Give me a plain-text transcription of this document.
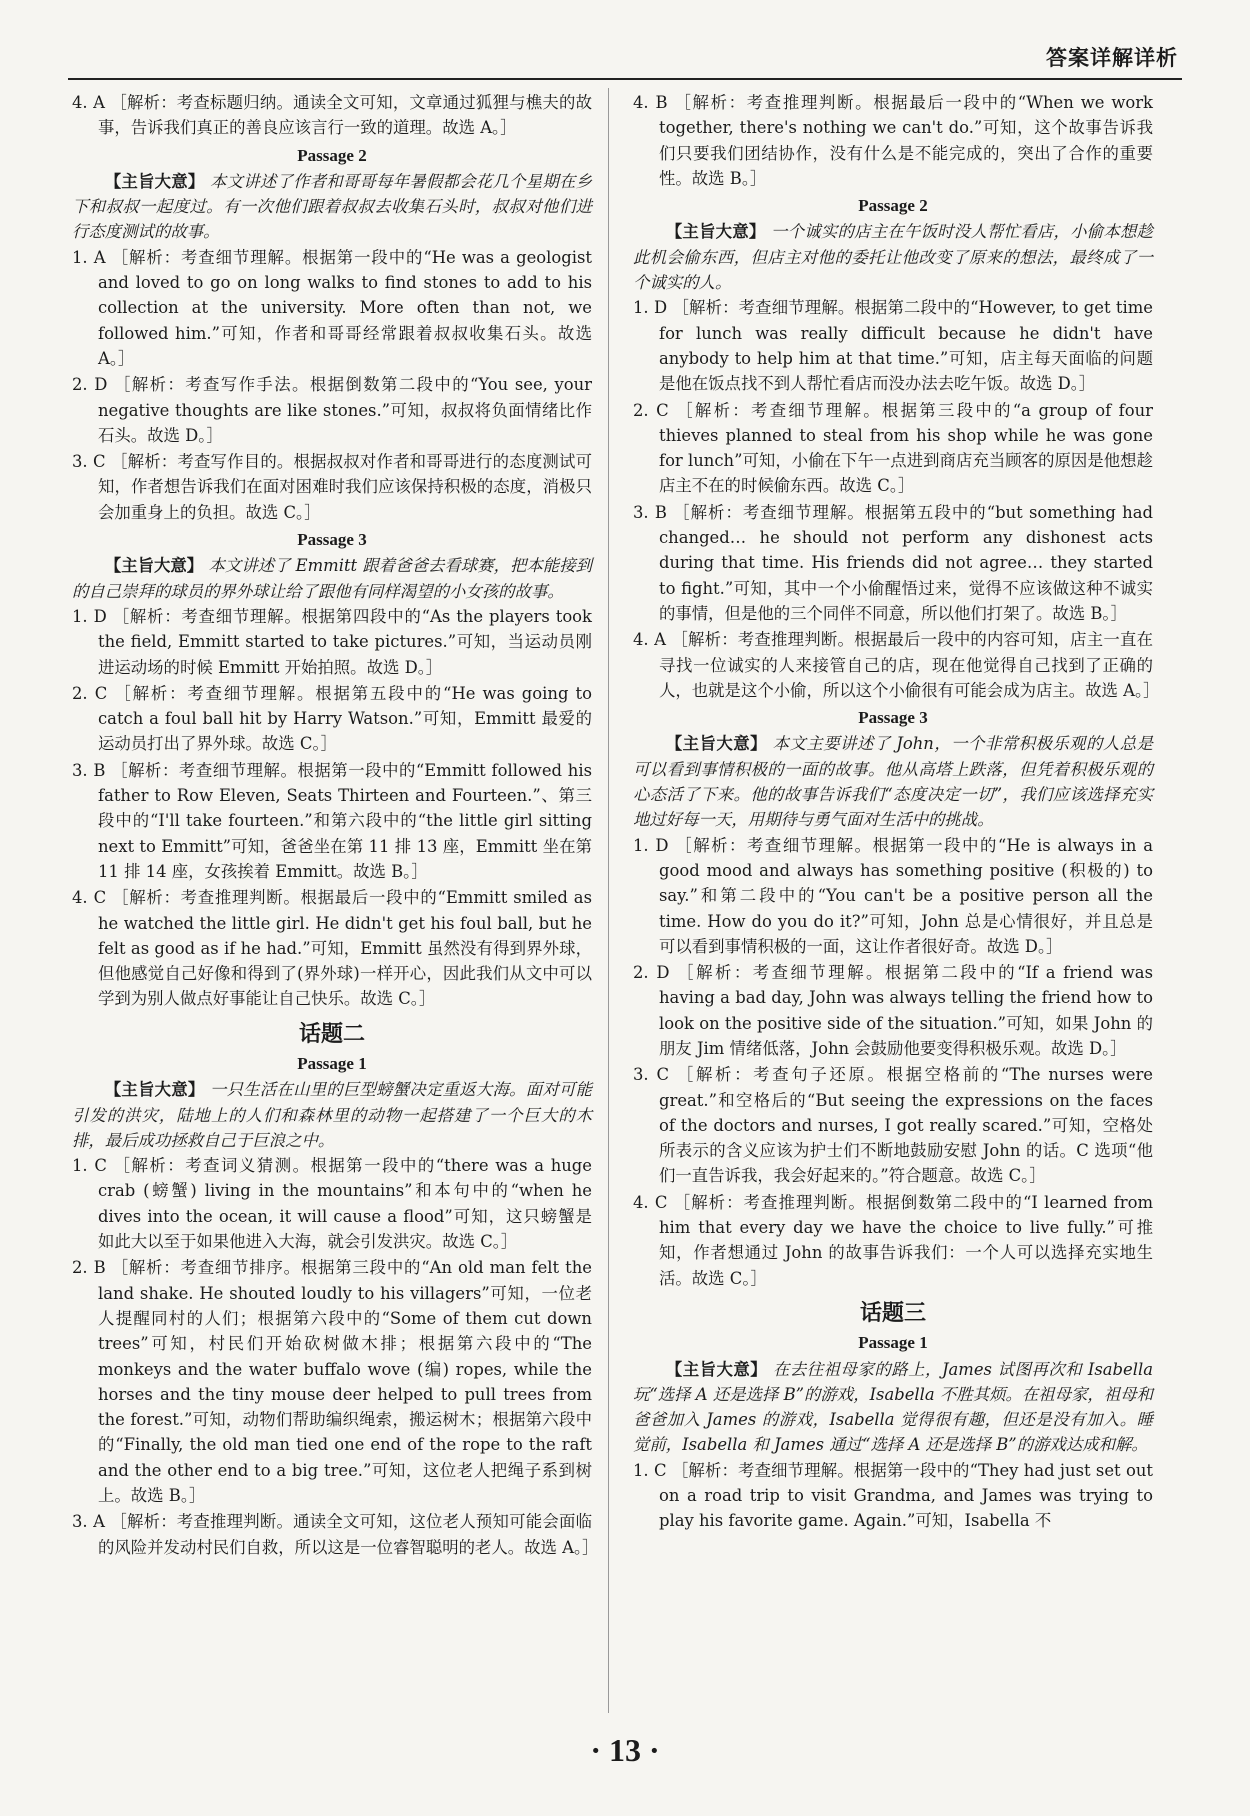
答案详解详析
4. A ［解析：考查标题归纳。通读全文可知，文章通过狐狸与樵夫的故事，告诉我们真正的善良应该言行一致的道理。故选 A。］
Passage 2
【主旨大意】 本文讲述了作者和哥哥每年暑假都会花几个星期在乡下和叔叔一起度过。有一次他们跟着叔叔去收集石头时，叔叔对他们进行态度测试的故事。
1. A ［解析：考查细节理解。根据第一段中的“He was a geologist and loved to go on long walks to find stones to add to his collection at the university. More often than not, we followed him.”可知，作者和哥哥经常跟着叔叔收集石头。故选 A。］
2. D ［解析：考查写作手法。根据倒数第二段中的“You see, your negative thoughts are like stones.”可知，叔叔将负面情绪比作石头。故选 D。］
3. C ［解析：考查写作目的。根据叔叔对作者和哥哥进行的态度测试可知，作者想告诉我们在面对困难时我们应该保持积极的态度，消极只会加重身上的负担。故选 C。］
Passage 3
【主旨大意】 本文讲述了 Emmitt 跟着爸爸去看球赛，把本能接到的自己崇拜的球员的界外球让给了跟他有同样渴望的小女孩的故事。
1. D ［解析：考查细节理解。根据第四段中的“As the players took the field, Emmitt started to take pictures.”可知，当运动员刚进运动场的时候 Emmitt 开始拍照。故选 D。］
2. C ［解析：考查细节理解。根据第五段中的“He was going to catch a foul ball hit by Harry Watson.”可知，Emmitt 最爱的运动员打出了界外球。故选 C。］
3. B ［解析：考查细节理解。根据第一段中的“Emmitt followed his father to Row Eleven, Seats Thirteen and Fourteen.”、第三段中的“I'll take fourteen.”和第六段中的“the little girl sitting next to Emmitt”可知，爸爸坐在第 11 排 13 座，Emmitt 坐在第 11 排 14 座，女孩挨着 Emmitt。故选 B。］
4. C ［解析：考查推理判断。根据最后一段中的“Emmitt smiled as he watched the little girl. He didn't get his foul ball, but he felt as good as if he had.”可知，Emmitt 虽然没有得到界外球，但他感觉自己好像和得到了(界外球)一样开心，因此我们从文中可以学到为别人做点好事能让自己快乐。故选 C。］
话题二
Passage 1
【主旨大意】 一只生活在山里的巨型螃蟹决定重返大海。面对可能引发的洪灾，陆地上的人们和森林里的动物一起搭建了一个巨大的木排，最后成功拯救自己于巨浪之中。
1. C ［解析：考查词义猜测。根据第一段中的“there was a huge crab (螃蟹) living in the mountains”和本句中的“when he dives into the ocean, it will cause a flood”可知，这只螃蟹是如此大以至于如果他进入大海，就会引发洪灾。故选 C。］
2. B ［解析：考查细节排序。根据第三段中的“An old man felt the land shake. He shouted loudly to his villagers”可知，一位老人提醒同村的人们；根据第六段中的“Some of them cut down trees”可知，村民们开始砍树做木排；根据第六段中的“The monkeys and the water buffalo wove (编) ropes, while the horses and the tiny mouse deer helped to pull trees from the forest.”可知，动物们帮助编织绳索，搬运树木；根据第六段中的“Finally, the old man tied one end of the rope to the raft and the other end to a big tree.”可知，这位老人把绳子系到树上。故选 B。］
3. A ［解析：考查推理判断。通读全文可知，这位老人预知可能会面临的风险并发动村民们自救，所以这是一位睿智聪明的老人。故选 A。］
4. B ［解析：考查推理判断。根据最后一段中的“When we work together, there's nothing we can't do.”可知，这个故事告诉我们只要我们团结协作，没有什么是不能完成的，突出了合作的重要性。故选 B。］
Passage 2
【主旨大意】 一个诚实的店主在午饭时没人帮忙看店，小偷本想趁此机会偷东西，但店主对他的委托让他改变了原来的想法，最终成了一个诚实的人。
1. D ［解析：考查细节理解。根据第二段中的“However, to get time for lunch was really difficult because he didn't have anybody to help him at that time.”可知，店主每天面临的问题是他在饭点找不到人帮忙看店而没办法去吃午饭。故选 D。］
2. C ［解析：考查细节理解。根据第三段中的“a group of four thieves planned to steal from his shop while he was gone for lunch”可知，小偷在下午一点进到商店充当顾客的原因是他想趁店主不在的时候偷东西。故选 C。］
3. B ［解析：考查细节理解。根据第五段中的“but something had changed… he should not perform any dishonest acts during that time. His friends did not agree… they started to fight.”可知，其中一个小偷醒悟过来，觉得不应该做这种不诚实的事情，但是他的三个同伴不同意，所以他们打架了。故选 B。］
4. A ［解析：考查推理判断。根据最后一段中的内容可知，店主一直在寻找一位诚实的人来接管自己的店，现在他觉得自己找到了正确的人，也就是这个小偷，所以这个小偷很有可能会成为店主。故选 A。］
Passage 3
【主旨大意】 本文主要讲述了 John，一个非常积极乐观的人总是可以看到事情积极的一面的故事。他从高塔上跌落，但凭着积极乐观的心态活了下来。他的故事告诉我们“态度决定一切”，我们应该选择充实地过好每一天，用期待与勇气面对生活中的挑战。
1. D ［解析：考查细节理解。根据第一段中的“He is always in a good mood and always has something positive (积极的) to say.”和第二段中的“You can't be a positive person all the time. How do you do it?”可知，John 总是心情很好，并且总是可以看到事情积极的一面，这让作者很好奇。故选 D。］
2. D ［解析：考查细节理解。根据第二段中的“If a friend was having a bad day, John was always telling the friend how to look on the positive side of the situation.”可知，如果 John 的朋友 Jim 情绪低落，John 会鼓励他要变得积极乐观。故选 D。］
3. C ［解析：考查句子还原。根据空格前的“The nurses were great.”和空格后的“But seeing the expressions on the faces of the doctors and nurses, I got really scared.”可知，空格处所表示的含义应该为护士们不断地鼓励安慰 John 的话。C 选项“他们一直告诉我，我会好起来的。”符合题意。故选 C。］
4. C ［解析：考查推理判断。根据倒数第二段中的“I learned from him that every day we have the choice to live fully.”可推知，作者想通过 John 的故事告诉我们：一个人可以选择充实地生活。故选 C。］
话题三
Passage 1
【主旨大意】 在去往祖母家的路上，James 试图再次和 Isabella 玩“选择 A 还是选择 B”的游戏，Isabella 不胜其烦。在祖母家，祖母和爸爸加入 James 的游戏，Isabella 觉得很有趣，但还是没有加入。睡觉前，Isabella 和 James 通过“选择 A 还是选择 B”的游戏达成和解。
1. C ［解析：考查细节理解。根据第一段中的“They had just set out on a road trip to visit Grandma, and James was trying to play his favorite game. Again.”可知，Isabella 不
· 13 ·
